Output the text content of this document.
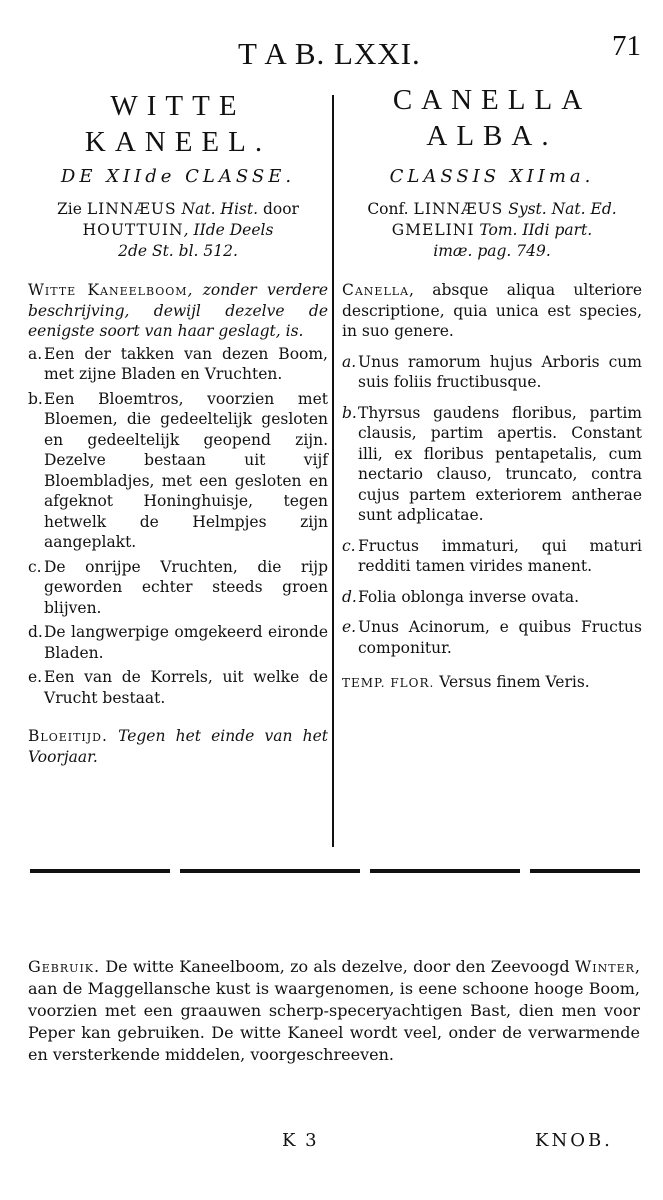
T A B. LXXI.	71
WITTE
KANEEL.
DE XIIde CLASSE.
Zie LINNÆUS Nat. Hist. door
HOUTTUIN, IIde Deels
2de St. bl. 512.
Witte Kaneelboom, zonder verdere beschrijving, dewijl dezelve de eenigste soort van haar geslagt, is.
a. Een der takken van dezen Boom, met zijne Bladen en Vruchten.
b. Een Bloemtros, voorzien met Bloemen, die gedeeltelijk gesloten en gedeeltelijk geopend zijn. Dezelve bestaan uit vijf Bloembladjes, met een gesloten en afgeknot Honinghuisje, tegen hetwelk de Helmpjes zijn aangeplakt.
c. De onrijpe Vruchten, die rijp geworden echter steeds groen blijven.
d. De langwerpige omgekeerd eironde Bladen.
e. Een van de Korrels, uit welke de Vrucht bestaat.
Bloeitijd. Tegen het einde van het Voorjaar.
CANELLA
ALBA.
CLASSIS XIIma.
Conf. LINNÆUS Syst. Nat. Ed.
GMELINI Tom. IIdi part.
imæ. pag. 749.
Canella, absque aliqua ulteriore descriptione, quia unica est species, in suo genere.
a. Unus ramorum hujus Arboris cum suis foliis fructibusque.
b. Thyrsus gaudens floribus, partim clausis, partim apertis. Constant illi, ex floribus pentapetalis, cum nectario clauso, truncato, contra cujus partem exteriorem antherae sunt adplicatae.
c. Fructus immaturi, qui maturi redditi tamen virides manent.
d. Folia oblonga inverse ovata.
e. Unus Acinorum, e quibus Fructus componitur.
TEMP. FLOR. Versus finem Veris.
Gebruik. De witte Kaneelboom, zo als dezelve, door den Zeevoogd Winter, aan de Maggellansche kust is waargenomen, is eene schoone hooge Boom, voorzien met een graauwen scherp-speceryachtigen Bast, dien men voor Peper kan gebruiken. De witte Kaneel wordt veel, onder de verwarmende en versterkende middelen, voorgeschreeven.
K 3	KNOB.
